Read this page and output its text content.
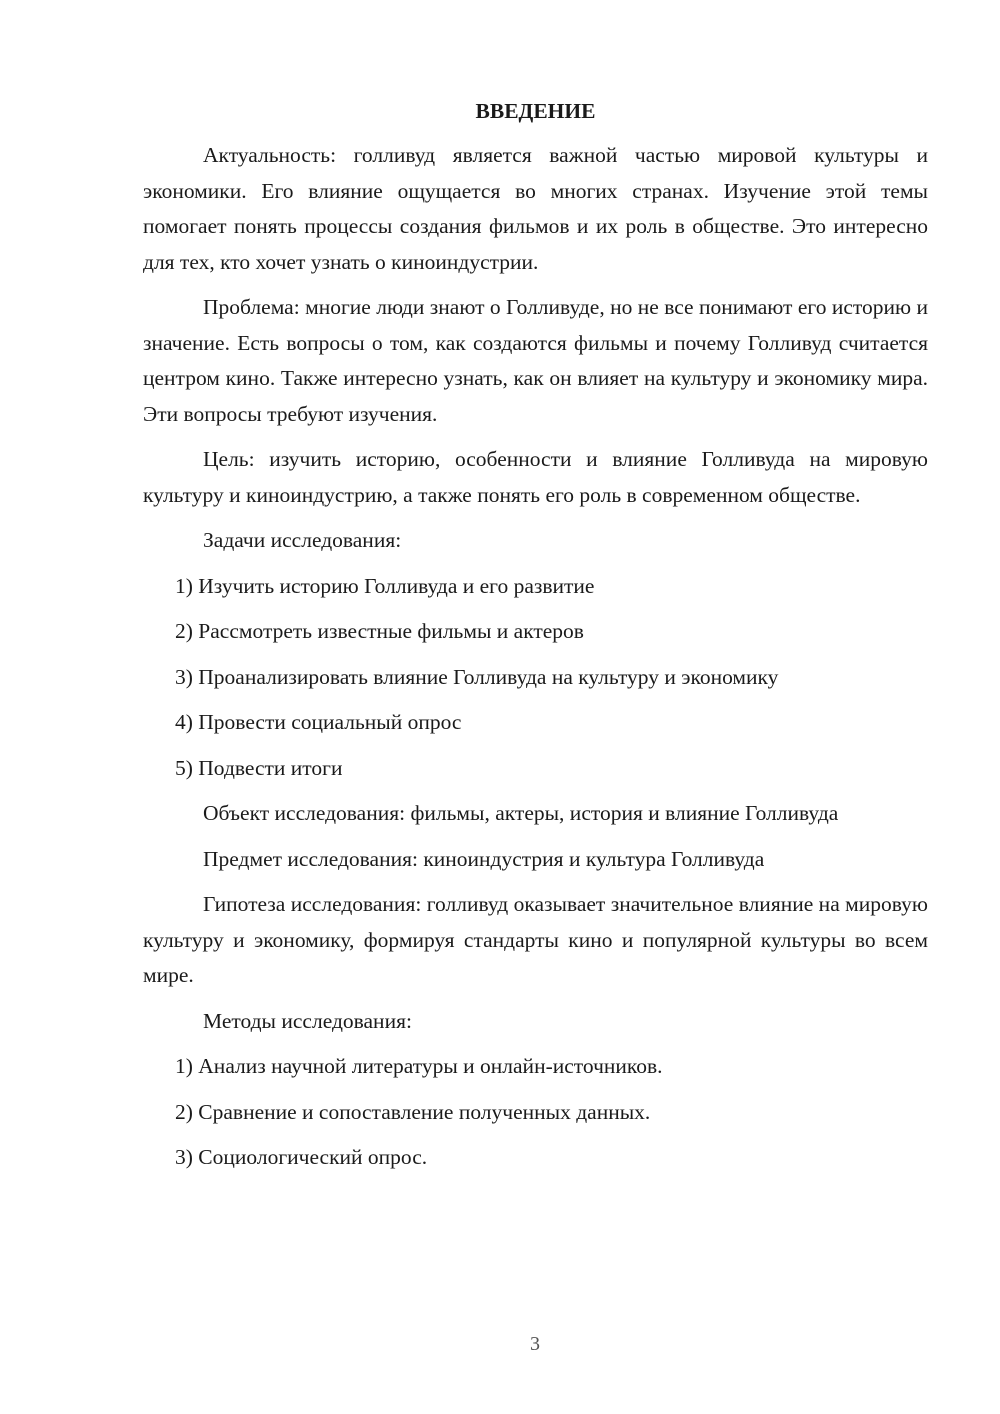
ВВЕДЕНИЕ

Актуальность: голливуд является важной частью мировой культуры и экономики. Его влияние ощущается во многих странах. Изучение этой темы помогает понять процессы создания фильмов и их роль в обществе. Это интересно для тех, кто хочет узнать о киноиндустрии.

Проблема: многие люди знают о Голливуде, но не все понимают его историю и значение. Есть вопросы о том, как создаются фильмы и почему Голливуд считается центром кино. Также интересно узнать, как он влияет на культуру и экономику мира. Эти вопросы требуют изучения.

Цель: изучить историю, особенности и влияние Голливуда на мировую культуру и киноиндустрию, а также понять его роль в современном обществе.

Задачи исследования:

1) Изучить историю Голливуда и его развитие

2) Рассмотреть известные фильмы и актеров

3) Проанализировать влияние Голливуда на культуру и экономику

4) Провести социальный опрос

5) Подвести итоги

Объект исследования: фильмы, актеры, история и влияние Голливуда

Предмет исследования: киноиндустрия и культура Голливуда

Гипотеза исследования: голливуд оказывает значительное влияние на мировую культуру и экономику, формируя стандарты кино и популярной культуры во всем мире.

Методы исследования:

1) Анализ научной литературы и онлайн-источников.

2) Сравнение и сопоставление полученных данных.

3) Социологический опрос.

3
